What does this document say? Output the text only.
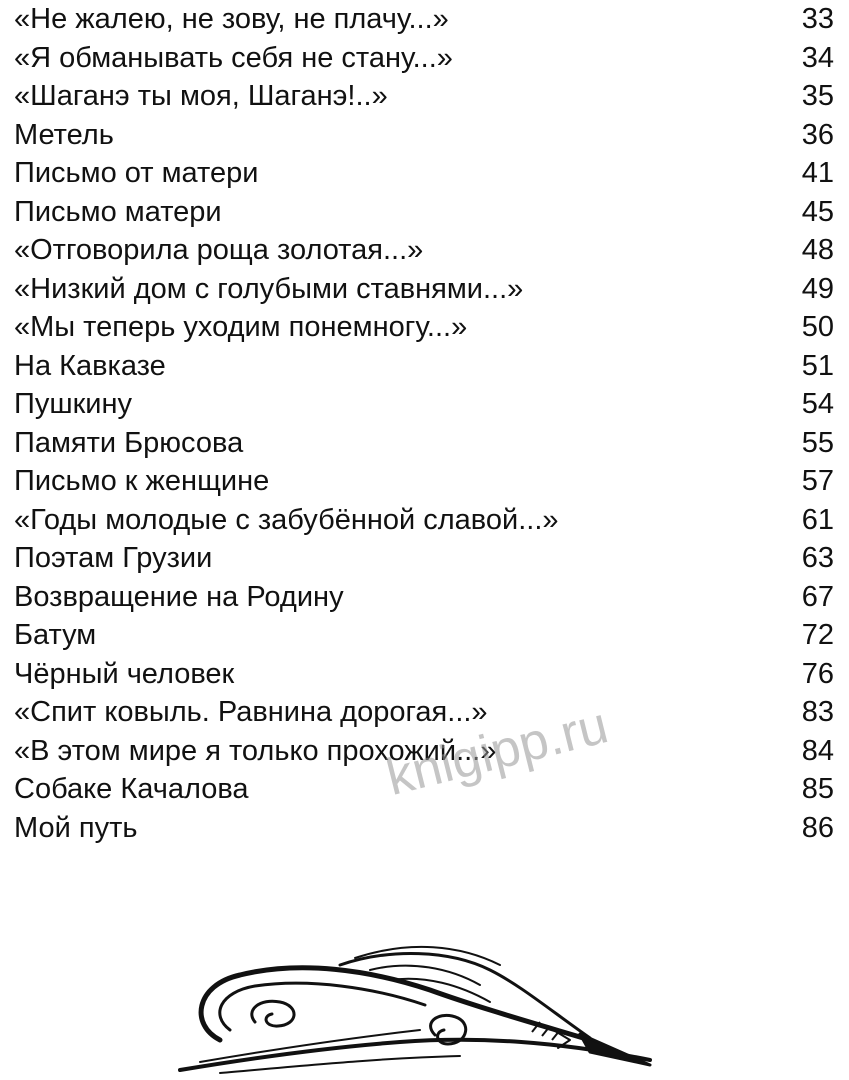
«Не жалею, не зову, не плачу...»	33
«Я обманывать себя не стану...»	34
«Шаганэ ты моя, Шаганэ!..»	35
Метель	36
Письмо от матери	41
Письмо матери	45
«Отговорила роща золотая...»	48
«Низкий дом с голубыми ставнями...»	49
«Мы теперь уходим понемногу...»	50
На Кавказе	51
Пушкину	54
Памяти Брюсова	55
Письмо к женщине	57
«Годы молодые с забубённой славой...»	61
Поэтам Грузии	63
Возвращение на Родину	67
Батум	72
Чёрный человек	76
«Спит ковыль. Равнина дорогая...»	83
«В этом мире я только прохожий...»	84
Собаке Качалова	85
Мой путь	86
knigipp.ru
